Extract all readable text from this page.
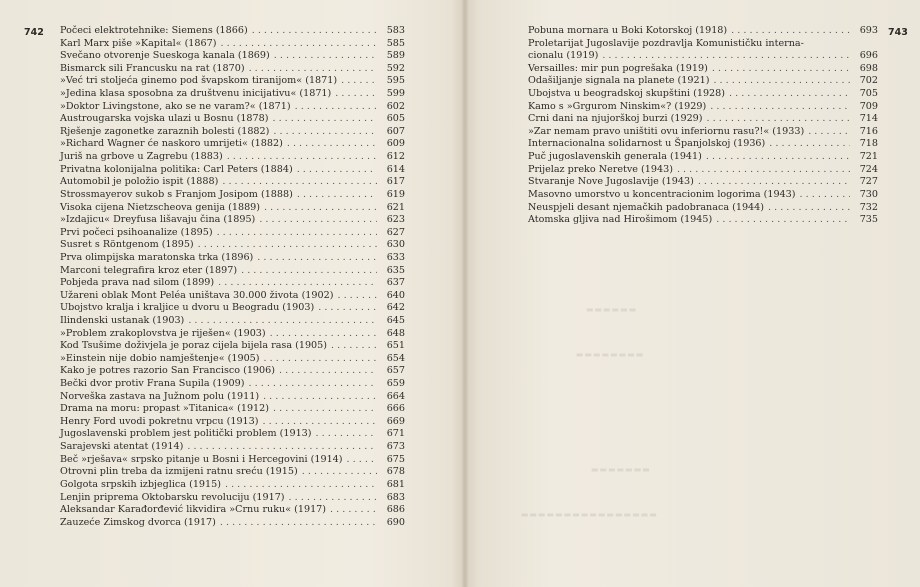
▬▬▬▬▬▬
▬▬▬▬▬▬▬▬
▬▬▬▬▬▬▬
▬▬▬▬▬▬▬▬▬▬▬▬▬▬▬▬
742	743
Počeci elektrotehnike: Siemens (1866) . . .	583
Karl Marx piše »Kapital« (1867) . . .	585
Svečano otvorenje Sueskoga kanala (1869) . . .	589
Bismarck sili Francusku na rat (1870) . . .	592
»Već tri stoljeća ginemo pod švapskom tiranijom« (1871) . . .	595
»Jedina klasa sposobna za društvenu inicijativu« (1871) . . .	599
»Doktor Livingstone, ako se ne varam?« (1871) . . .	602
Austrougarska vojska ulazi u Bosnu (1878) . . .	605
Rješenje zagonetke zaraznih bolesti (1882) . . .	607
»Richard Wagner će naskoro umrijeti« (1882) . . .	609
Juriš na grbove u Zagrebu (1883) . . .	612
Privatna kolonijalna politika: Carl Peters (1884) . . .	614
Automobil je položio ispit (1888) . . .	617
Strossmayerov sukob s Franjom Josipom (1888) . . .	619
Visoka cijena Nietzscheova genija (1889) . . .	621
»Izdajicu« Dreyfusa lišavaju čina (1895) . . .	623
Prvi počeci psihoanalize (1895) . . .	627
Susret s Röntgenom (1895) . . .	630
Prva olimpijska maratonska trka (1896) . . .	633
Marconi telegrafira kroz eter (1897) . . .	635
Pobjeda prava nad silom (1899) . . .	637
Užareni oblak Mont Peléa uništava 30.000 života (1902) . . .	640
Ubojstvo kralja i kraljice u dvoru u Beogradu (1903) . . .	642
Ilindenski ustanak (1903) . . .	645
»Problem zrakoplovstva je riješen« (1903) . . .	648
Kod Tsušime doživjela je poraz cijela bijela rasa (1905) . . .	651
»Einstein nije dobio namještenje« (1905) . . .	654
Kako je potres razorio San Francisco (1906) . . .	657
Bečki dvor protiv Frana Supila (1909) . . .	659
Norveška zastava na Južnom polu (1911) . . .	664
Drama na moru: propast »Titanica« (1912) . . .	666
Henry Ford uvodi pokretnu vrpcu (1913) . . .	669
Jugoslavenski problem jest politički problem (1913) . . .	671
Sarajevski atentat (1914) . . .	673
Beč »rješava« srpsko pitanje u Bosni i Hercegovini (1914) . . .	675
Otrovni plin treba da izmijeni ratnu sreću (1915) . . .	678
Golgota srpskih izbjeglica (1915) . . .	681
Lenjin priprema Oktobarsku revoluciju (1917) . . .	683
Aleksandar Karađorđević likvidira »Crnu ruku« (1917) . . .	686
Zauzeće Zimskog dvorca (1917) . . .	690
Pobuna mornara u Boki Kotorskoj (1918) . . .	693
Proletarijat Jugoslavije pozdravlja Komunističku interna-
cionalu (1919) . . .	696
Versailles: mir pun pogrešaka (1919) . . .	698
Odašiljanje signala na planete (1921) . . .	702
Ubojstva u beogradskoj skupštini (1928) . . .	705
Kamo s »Grgurom Ninskim«? (1929) . . .	709
Crni dani na njujorškoj burzi (1929) . . .	714
»Zar nemam pravo uništiti ovu inferiornu rasu?!« (1933) . . .	716
Internacionalna solidarnost u Španjolskoj (1936) . . .	718
Puč jugoslavenskih generala (1941) . . .	721
Prijelaz preko Neretve (1943) . . .	724
Stvaranje Nove Jugoslavije (1943) . . .	727
Masovno umorstvo u koncentracionim logorima (1943) . . .	730
Neuspjeli desant njemačkih padobranaca (1944) . . .	732
Atomska gljiva nad Hirošimom (1945) . . .	735
